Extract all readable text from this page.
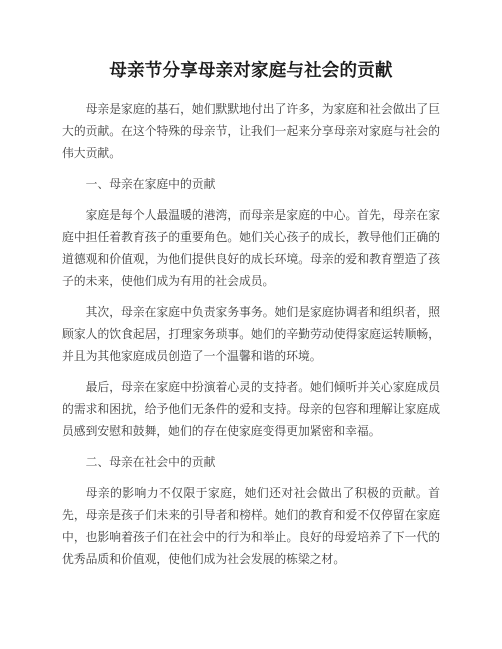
母亲节分享母亲对家庭与社会的贡献

母亲是家庭的基石，她们默默地付出了许多，为家庭和社会做出了巨大的贡献。在这个特殊的母亲节，让我们一起来分享母亲对家庭与社会的伟大贡献。

一、母亲在家庭中的贡献

家庭是每个人最温暖的港湾，而母亲是家庭的中心。首先，母亲在家庭中担任着教育孩子的重要角色。她们关心孩子的成长，教导他们正确的道德观和价值观，为他们提供良好的成长环境。母亲的爱和教育塑造了孩子的未来，使他们成为有用的社会成员。

其次，母亲在家庭中负责家务事务。她们是家庭协调者和组织者，照顾家人的饮食起居，打理家务琐事。她们的辛勤劳动使得家庭运转顺畅，并且为其他家庭成员创造了一个温馨和谐的环境。

最后，母亲在家庭中扮演着心灵的支持者。她们倾听并关心家庭成员的需求和困扰，给予他们无条件的爱和支持。母亲的包容和理解让家庭成员感到安慰和鼓舞，她们的存在使家庭变得更加紧密和幸福。

二、母亲在社会中的贡献

母亲的影响力不仅限于家庭，她们还对社会做出了积极的贡献。首先，母亲是孩子们未来的引导者和榜样。她们的教育和爱不仅停留在家庭中，也影响着孩子们在社会中的行为和举止。良好的母爱培养了下一代的优秀品质和价值观，使他们成为社会发展的栋梁之材。
